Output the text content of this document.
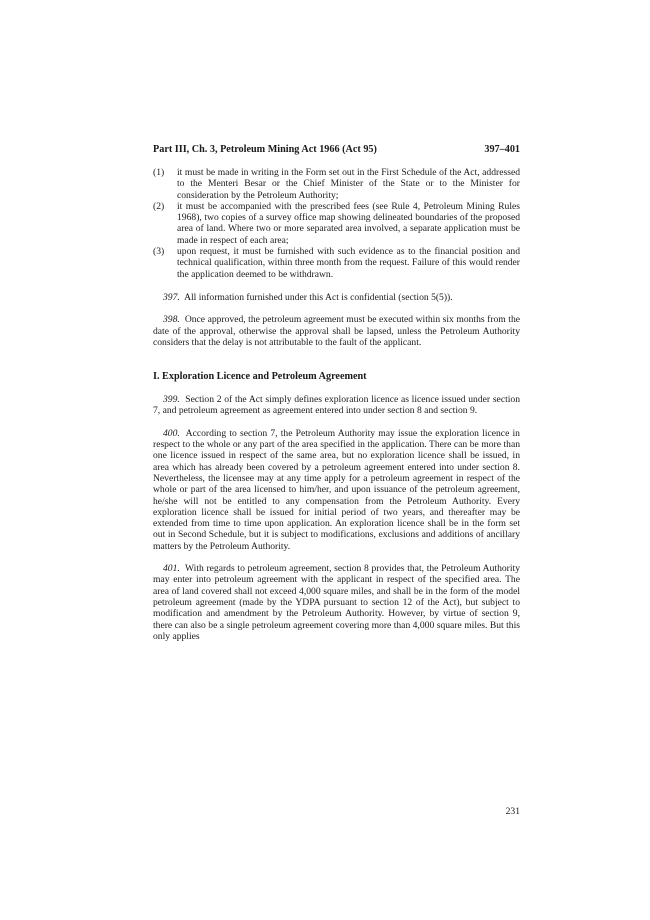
Part III, Ch. 3, Petroleum Mining Act 1966 (Act 95)	397–401
(1) it must be made in writing in the Form set out in the First Schedule of the Act, addressed to the Menteri Besar or the Chief Minister of the State or to the Minister for consideration by the Petroleum Authority;
(2) it must be accompanied with the prescribed fees (see Rule 4, Petroleum Mining Rules 1968), two copies of a survey office map showing delineated boundaries of the proposed area of land. Where two or more separated area involved, a separate application must be made in respect of each area;
(3) upon request, it must be furnished with such evidence as to the financial position and technical qualification, within three month from the request. Failure of this would render the application deemed to be withdrawn.

397. All information furnished under this Act is confidential (section 5(5)).

398. Once approved, the petroleum agreement must be executed within six months from the date of the approval, otherwise the approval shall be lapsed, unless the Petroleum Authority considers that the delay is not attributable to the fault of the applicant.

I. Exploration Licence and Petroleum Agreement

399. Section 2 of the Act simply defines exploration licence as licence issued under section 7, and petroleum agreement as agreement entered into under section 8 and section 9.

400. According to section 7, the Petroleum Authority may issue the exploration licence in respect to the whole or any part of the area specified in the application. There can be more than one licence issued in respect of the same area, but no exploration licence shall be issued, in area which has already been covered by a petroleum agreement entered into under section 8. Nevertheless, the licensee may at any time apply for a petroleum agreement in respect of the whole or part of the area licensed to him/her, and upon issuance of the petroleum agreement, he/she will not be entitled to any compensation from the Petroleum Authority. Every exploration licence shall be issued for initial period of two years, and thereafter may be extended from time to time upon application. An exploration licence shall be in the form set out in Second Schedule, but it is subject to modifications, exclusions and additions of ancillary matters by the Petroleum Authority.

401. With regards to petroleum agreement, section 8 provides that, the Petroleum Authority may enter into petroleum agreement with the applicant in respect of the specified area. The area of land covered shall not exceed 4,000 square miles, and shall be in the form of the model petroleum agreement (made by the YDPA pursuant to section 12 of the Act), but subject to modification and amendment by the Petroleum Authority. However, by virtue of section 9, there can also be a single petroleum agreement covering more than 4,000 square miles. But this only applies

231
